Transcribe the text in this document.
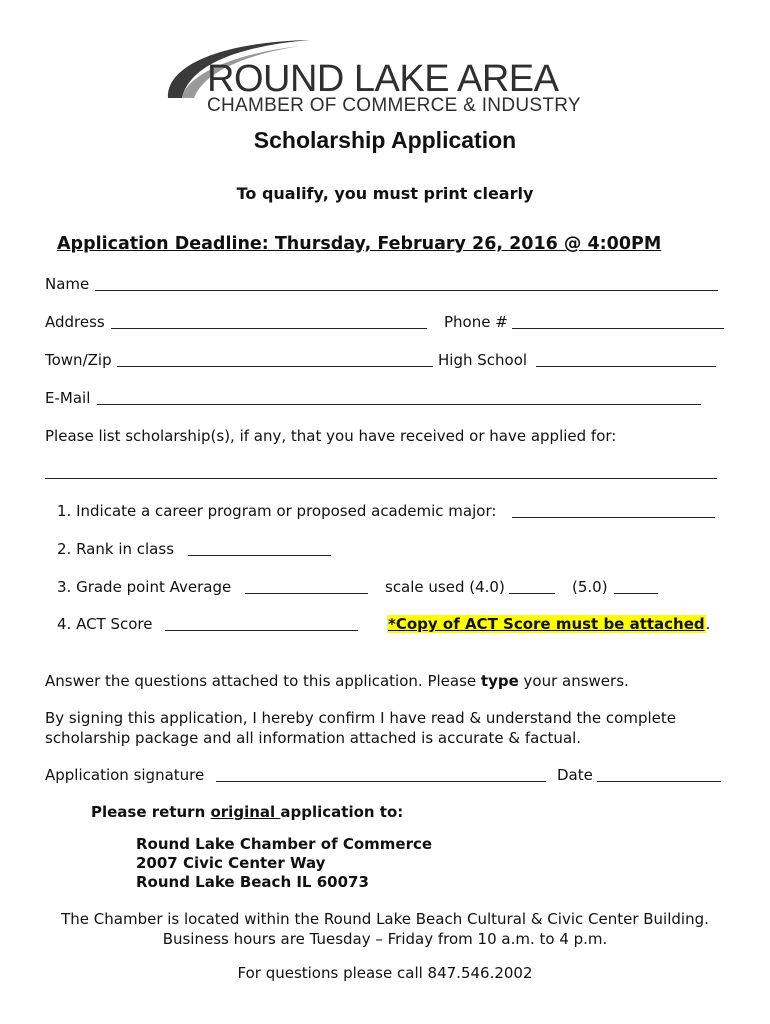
ROUND LAKE AREA
CHAMBER OF COMMERCE & INDUSTRY
Scholarship Application
To qualify, you must print clearly
Application Deadline: Thursday, February 26, 2016 @ 4:00PM
Name
Address	Phone #
Town/Zip	High School
E-Mail
Please list scholarship(s), if any, that you have received or have applied for:
1. Indicate a career program or proposed academic major:
2. Rank in class
3. Grade point Average	scale used (4.0)	(5.0)
4. ACT Score	*Copy of ACT Score must be attached.
Answer the questions attached to this application. Please type your answers.
By signing this application, I hereby confirm I have read & understand the complete
scholarship package and all information attached is accurate & factual.
Application signature	Date
Please return original application to:
Round Lake Chamber of Commerce
2007 Civic Center Way
Round Lake Beach IL 60073
The Chamber is located within the Round Lake Beach Cultural & Civic Center Building.
Business hours are Tuesday – Friday from 10 a.m. to 4 p.m.
For questions please call 847.546.2002
